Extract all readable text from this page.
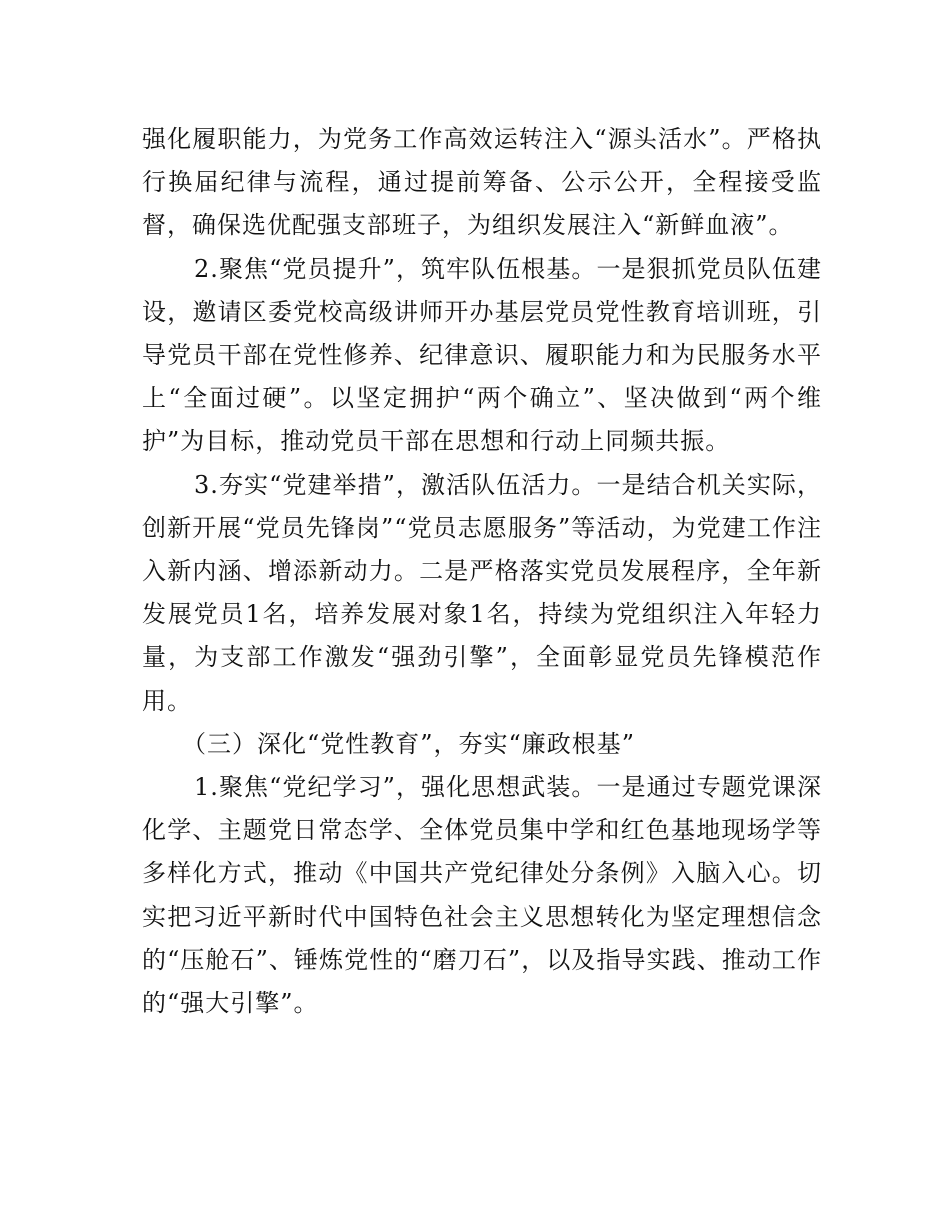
强化履职能力，为党务工作高效运转注入“源头活水”。严格执行换届纪律与流程，通过提前筹备、公示公开，全程接受监督，确保选优配强支部班子，为组织发展注入“新鲜血液”。

2.聚焦“党员提升”，筑牢队伍根基。一是狠抓党员队伍建设，邀请区委党校高级讲师开办基层党员党性教育培训班，引导党员干部在党性修养、纪律意识、履职能力和为民服务水平上“全面过硬”。以坚定拥护“两个确立”、坚决做到“两个维护”为目标，推动党员干部在思想和行动上同频共振。

3.夯实“党建举措”，激活队伍活力。一是结合机关实际，创新开展“党员先锋岗”“党员志愿服务”等活动，为党建工作注入新内涵、增添新动力。二是严格落实党员发展程序，全年新发展党员1名，培养发展对象1名，持续为党组织注入年轻力量，为支部工作激发“强劲引擎”，全面彰显党员先锋模范作用。

（三）深化“党性教育”，夯实“廉政根基”

1.聚焦“党纪学习”，强化思想武装。一是通过专题党课深化学、主题党日常态学、全体党员集中学和红色基地现场学等多样化方式，推动《中国共产党纪律处分条例》入脑入心。切实把习近平新时代中国特色社会主义思想转化为坚定理想信念的“压舱石”、锤炼党性的“磨刀石”，以及指导实践、推动工作的“强大引擎”。
